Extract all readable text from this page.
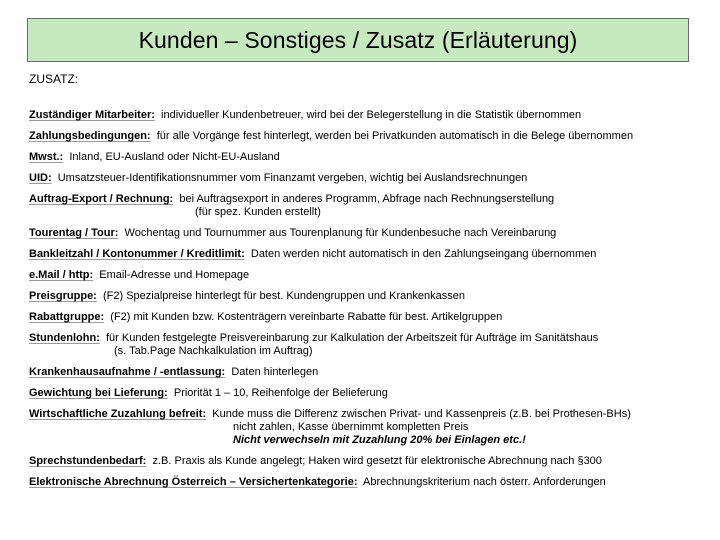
Kunden – Sonstiges / Zusatz (Erläuterung)
ZUSATZ:
Zuständiger Mitarbeiter: individueller Kundenbetreuer, wird bei der Belegerstellung in die Statistik übernommen
Zahlungsbedingungen: für alle Vorgänge fest hinterlegt, werden bei Privatkunden automatisch in die Belege übernommen
Mwst.: Inland, EU-Ausland oder Nicht-EU-Ausland
UID: Umsatzsteuer-Identifikationsnummer vom Finanzamt vergeben, wichtig bei Auslandsrechnungen
Auftrag-Export / Rechnung: bei Auftragsexport in anderes Programm, Abfrage nach Rechnungserstellung
(für spez. Kunden erstellt)
Tourentag / Tour: Wochentag und Tournummer aus Tourenplanung für Kundenbesuche nach Vereinbarung
Bankleitzahl / Kontonummer / Kreditlimit: Daten werden nicht automatisch in den Zahlungseingang übernommen
e.Mail / http: Email-Adresse und Homepage
Preisgruppe: (F2) Spezialpreise hinterlegt für best. Kundengruppen und Krankenkassen
Rabattgruppe: (F2) mit Kunden bzw. Kostenträgern vereinbarte Rabatte für best. Artikelgruppen
Stundenlohn: für Kunden festgelegte Preisvereinbarung zur Kalkulation der Arbeitszeit für Aufträge im Sanitätshaus
(s. Tab.Page Nachkalkulation im Auftrag)
Krankenhausaufnahme / -entlassung: Daten hinterlegen
Gewichtung bei Lieferung: Priorität 1 – 10, Reihenfolge der Belieferung
Wirtschaftliche Zuzahlung befreit: Kunde muss die Differenz zwischen Privat- und Kassenpreis (z.B. bei Prothesen-BHs)
nicht zahlen, Kasse übernimmt kompletten Preis
Nicht verwechseln mit Zuzahlung 20% bei Einlagen etc.!
Sprechstundenbedarf: z.B. Praxis als Kunde angelegt; Haken wird gesetzt für elektronische Abrechnung nach §300
Elektronische Abrechnung Österreich – Versichertenkategorie: Abrechnungskriterium nach österr. Anforderungen
